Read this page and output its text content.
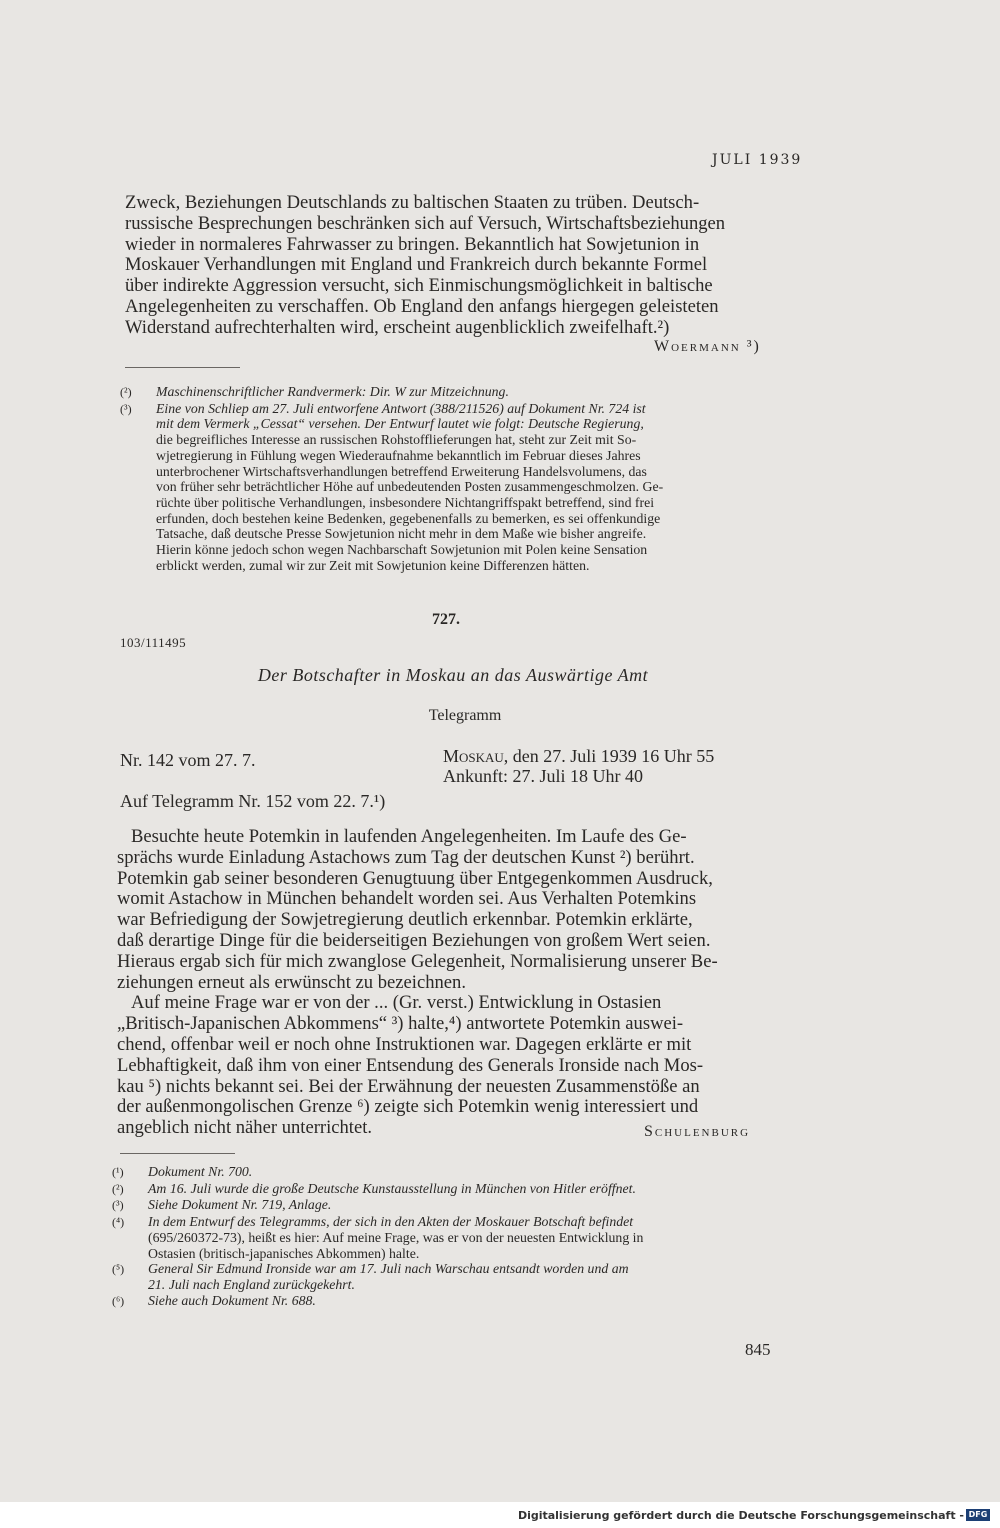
JULI 1939
Zweck, Beziehungen Deutschlands zu baltischen Staaten zu trüben. Deutsch-
russische Besprechungen beschränken sich auf Versuch, Wirtschaftsbeziehungen
wieder in normaleres Fahrwasser zu bringen. Bekanntlich hat Sowjetunion in
Moskauer Verhandlungen mit England und Frankreich durch bekannte Formel
über indirekte Aggression versucht, sich Einmischungsmöglichkeit in baltische
Angelegenheiten zu verschaffen. Ob England den anfangs hiergegen geleisteten
Widerstand aufrechterhalten wird, erscheint augenblicklich zweifelhaft.²)
Woermann ³)
(²)	Maschinenschriftlicher Randvermerk: Dir. W zur Mitzeichnung.
(³)	Eine von Schliep am 27. Juli entworfene Antwort (388/211526) auf Dokument Nr. 724 ist
mit dem Vermerk „Cessat“ versehen. Der Entwurf lautet wie folgt: Deutsche Regierung,
die begreifliches Interesse an russischen Rohstofflieferungen hat, steht zur Zeit mit So-
wjetregierung in Fühlung wegen Wiederaufnahme bekanntlich im Februar dieses Jahres
unterbrochener Wirtschaftsverhandlungen betreffend Erweiterung Handelsvolumens, das
von früher sehr beträchtlicher Höhe auf unbedeutenden Posten zusammengeschmolzen. Ge-
rüchte über politische Verhandlungen, insbesondere Nichtangriffspakt betreffend, sind frei
erfunden, doch bestehen keine Bedenken, gegebenenfalls zu bemerken, es sei offenkundige
Tatsache, daß deutsche Presse Sowjetunion nicht mehr in dem Maße wie bisher angreife.
Hierin könne jedoch schon wegen Nachbarschaft Sowjetunion mit Polen keine Sensation
erblickt werden, zumal wir zur Zeit mit Sowjetunion keine Differenzen hätten.
727.
103/111495
Der Botschafter in Moskau an das Auswärtige Amt
Telegramm
Nr. 142 vom 27. 7.	Moskau, den 27. Juli 1939 16 Uhr 55
Ankunft: 27. Juli 18 Uhr 40
Auf Telegramm Nr. 152 vom 22. 7.¹)
Besuchte heute Potemkin in laufenden Angelegenheiten. Im Laufe des Ge-
sprächs wurde Einladung Astachows zum Tag der deutschen Kunst ²) berührt.
Potemkin gab seiner besonderen Genugtuung über Entgegenkommen Ausdruck,
womit Astachow in München behandelt worden sei. Aus Verhalten Potemkins
war Befriedigung der Sowjetregierung deutlich erkennbar. Potemkin erklärte,
daß derartige Dinge für die beiderseitigen Beziehungen von großem Wert seien.
Hieraus ergab sich für mich zwanglose Gelegenheit, Normalisierung unserer Be-
ziehungen erneut als erwünscht zu bezeichnen.
Auf meine Frage war er von der ... (Gr. verst.) Entwicklung in Ostasien
„Britisch-Japanischen Abkommens“ ³) halte,⁴) antwortete Potemkin auswei-
chend, offenbar weil er noch ohne Instruktionen war. Dagegen erklärte er mit
Lebhaftigkeit, daß ihm von einer Entsendung des Generals Ironside nach Mos-
kau ⁵) nichts bekannt sei. Bei der Erwähnung der neuesten Zusammenstöße an
der außenmongolischen Grenze ⁶) zeigte sich Potemkin wenig interessiert und
angeblich nicht näher unterrichtet.	Schulenburg
(¹)	Dokument Nr. 700.
(²)	Am 16. Juli wurde die große Deutsche Kunstausstellung in München von Hitler eröffnet.
(³)	Siehe Dokument Nr. 719, Anlage.
(⁴)	In dem Entwurf des Telegramms, der sich in den Akten der Moskauer Botschaft befindet
(695/260372-73), heißt es hier: Auf meine Frage, was er von der neuesten Entwicklung in
Ostasien (britisch-japanisches Abkommen) halte.
(⁵)	General Sir Edmund Ironside war am 17. Juli nach Warschau entsandt worden und am
21. Juli nach England zurückgekehrt.
(⁶)	Siehe auch Dokument Nr. 688.
845
Digitalisierung gefördert durch die Deutsche Forschungsgemeinschaft - DFG
